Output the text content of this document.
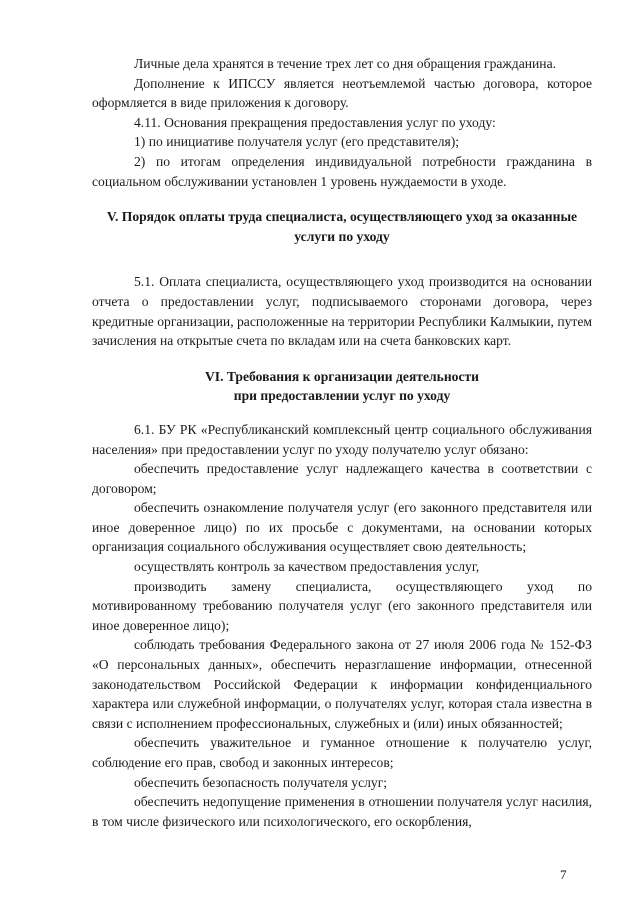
Личные дела хранятся в течение трех лет со дня обращения гражданина.

Дополнение к ИПССУ является неотъемлемой частью договора, которое оформляется в виде приложения к договору.

4.11. Основания прекращения предоставления услуг по уходу:

1) по инициативе получателя услуг (его представителя);

2) по итогам определения индивидуальной потребности гражданина в социальном обслуживании установлен 1 уровень нуждаемости в уходе.

V. Порядок оплаты труда специалиста, осуществляющего уход за оказанные услуги по уходу

5.1. Оплата специалиста, осуществляющего уход производится на основании отчета о предоставлении услуг, подписываемого сторонами договора, через кредитные организации, расположенные на территории Республики Калмыкии, путем зачисления на открытые счета по вкладам или на счета банковских карт.

VI. Требования к организации деятельности
при предоставлении услуг по уходу

6.1. БУ РК «Республиканский комплексный центр социального обслуживания населения» при предоставлении услуг по уходу получателю услуг обязано:

обеспечить предоставление услуг надлежащего качества в соответствии с договором;

обеспечить ознакомление получателя услуг (его законного представителя или иное доверенное лицо) по их просьбе с документами, на основании которых организация социального обслуживания осуществляет свою деятельность;

осуществлять контроль за качеством предоставления услуг,

производить замену специалиста, осуществляющего уход по мотивированному требованию получателя услуг (его законного представителя или иное доверенное лицо);

соблюдать требования Федерального закона от 27 июля 2006 года № 152-ФЗ «О персональных данных», обеспечить неразглашение информации, отнесенной законодательством Российской Федерации к информации конфиденциального характера или служебной информации, о получателях услуг, которая стала известна в связи с исполнением профессиональных, служебных и (или) иных обязанностей;

обеспечить уважительное и гуманное отношение к получателю услуг, соблюдение его прав, свобод и законных интересов;

обеспечить безопасность получателя услуг;

обеспечить недопущение применения в отношении получателя услуг насилия, в том числе физического или психологического, его оскорбления,

7
